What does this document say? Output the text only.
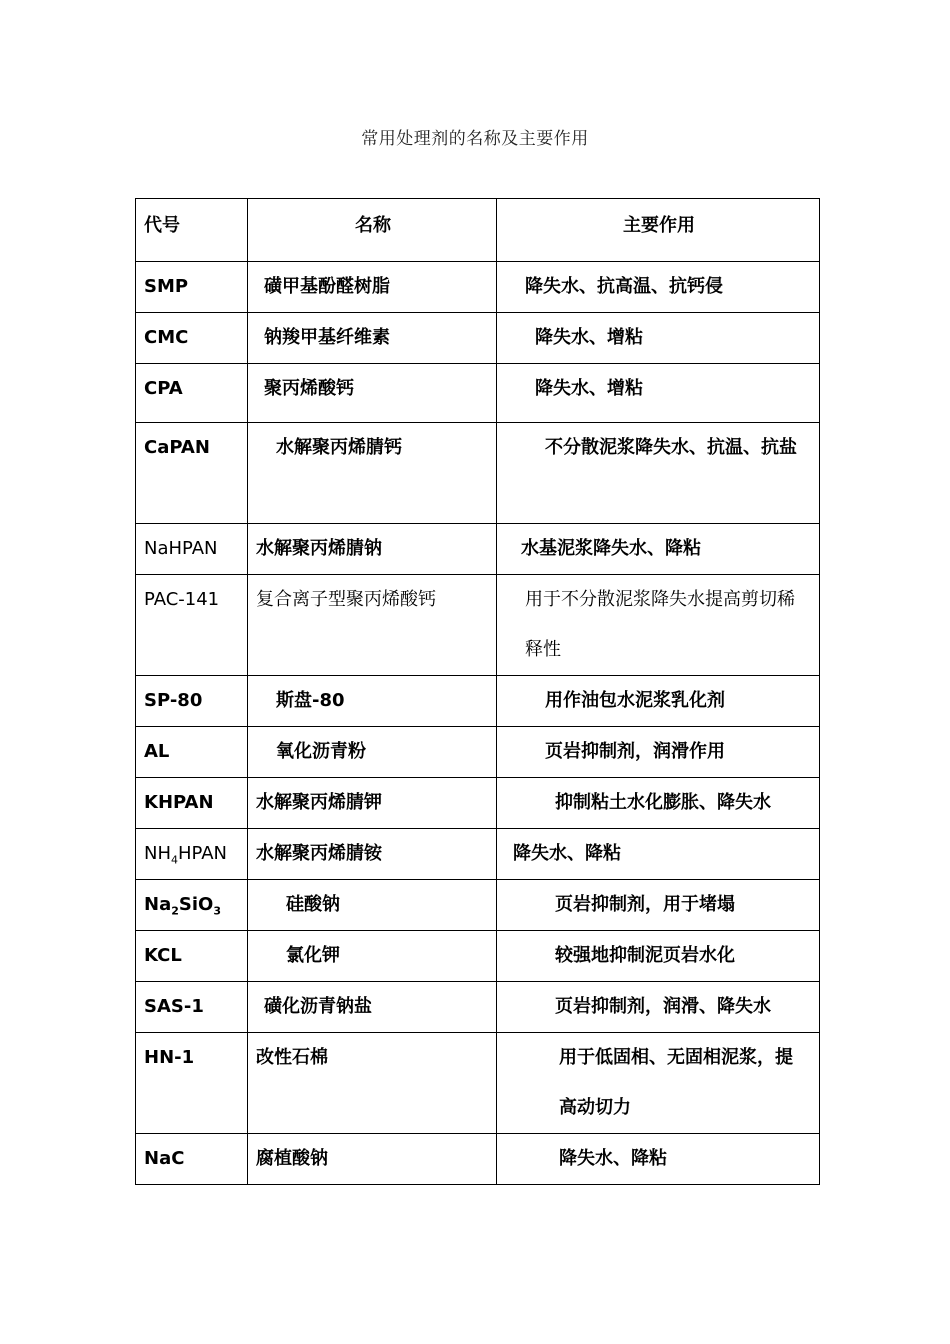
常用处理剂的名称及主要作用
代号	名称	主要作用

SMP	磺甲基酚醛树脂	降失水、抗高温、抗钙侵

CMC	钠羧甲基纤维素	降失水、增粘

CPA	聚丙烯酸钙	降失水、增粘

CaPAN	水解聚丙烯腈钙	不分散泥浆降失水、抗温、抗盐

NaHPAN	水解聚丙烯腈钠	水基泥浆降失水、降粘

PAC-141	复合离子型聚丙烯酸钙	用于不分散泥浆降失水提高剪切稀释性

SP-80	斯盘-80	用作油包水泥浆乳化剂

AL	氧化沥青粉	页岩抑制剂，润滑作用

KHPAN	水解聚丙烯腈钾	抑制粘土水化膨胀、降失水

$NH_4HPAN$	水解聚丙烯腈铵	降失水、降粘

$Na_2SiO_3$	硅酸钠	页岩抑制剂，用于堵塌

KCL	氯化钾	较强地抑制泥页岩水化

SAS-1	磺化沥青钠盐	页岩抑制剂，润滑、降失水

HN-1	改性石棉	用于低固相、无固相泥浆，提高动切力

NaC	腐植酸钠	降失水、降粘
